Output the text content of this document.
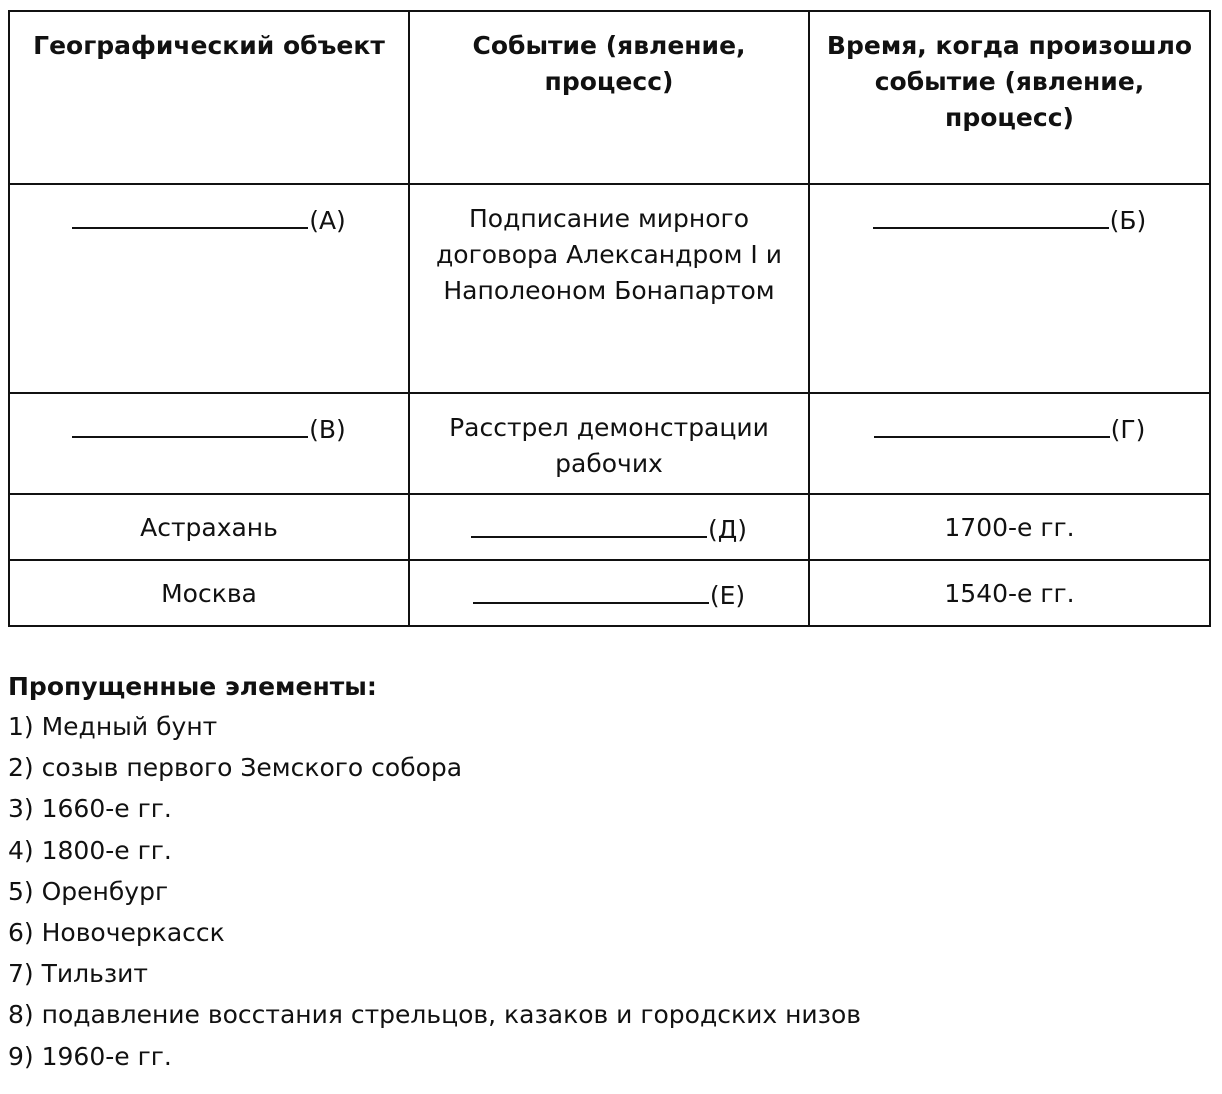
Географический объект	Событие (явление, процесс)	Время, когда произошло событие (явление, процесс)
(А)	Подписание мирного договора Александром I и Наполеоном Бонапартом	(Б)
(В)	Расстрел демонстрации рабочих	(Г)
Астрахань	(Д)	1700-е гг.
Москва	(Е)	1540-е гг.
Пропущенные элементы:
1) Медный бунт
2) созыв первого Земского собора
3) 1660-е гг.
4) 1800-е гг.
5) Оренбург
6) Новочеркасск
7) Тильзит
8) подавление восстания стрельцов, казаков и городских низов
9) 1960-е гг.
